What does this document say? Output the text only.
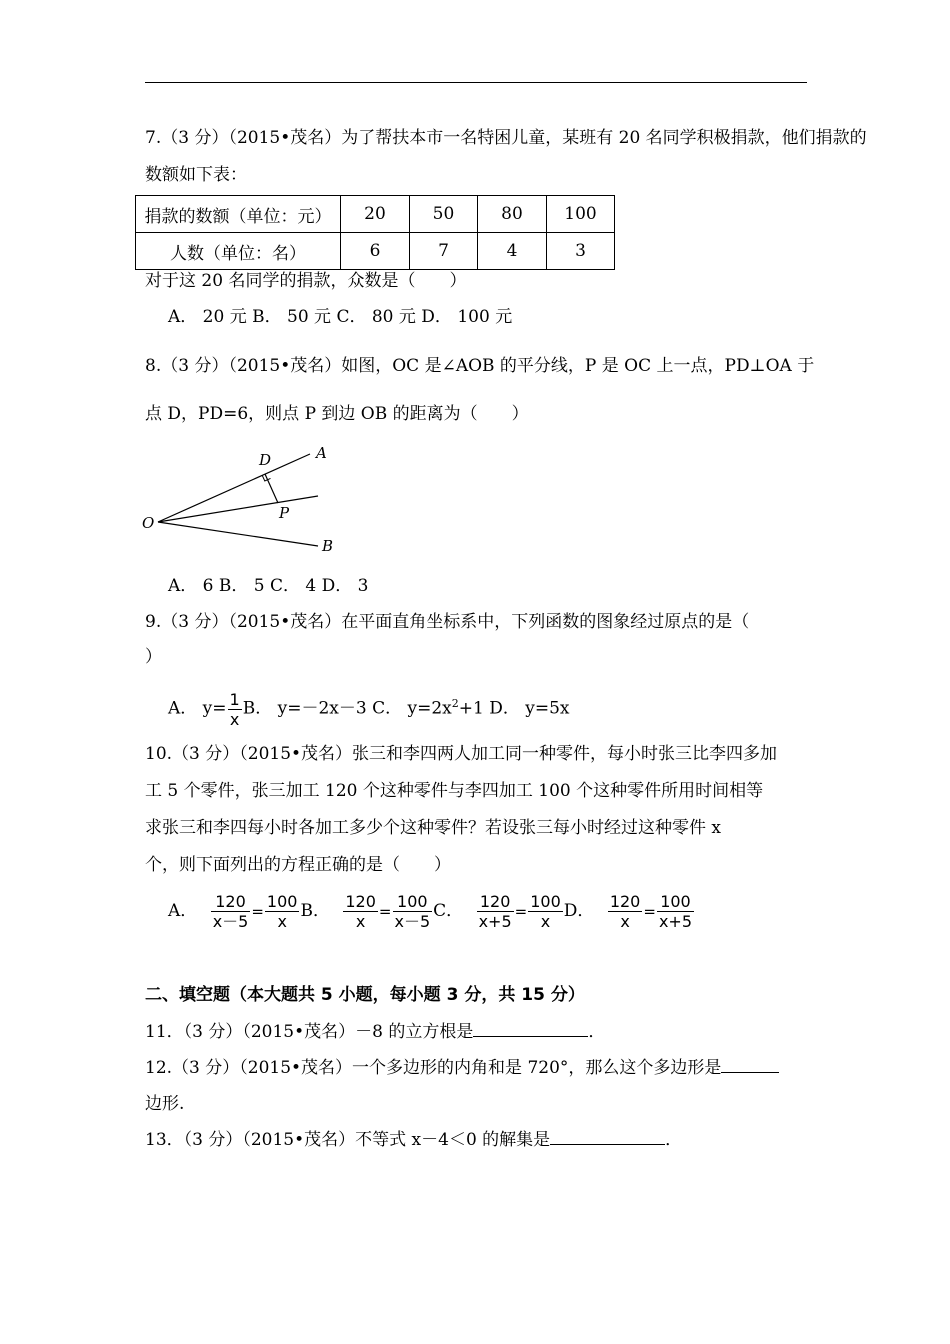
7.（3 分）（2015•茂名）为了帮扶本市一名特困儿童，某班有 20 名同学积极捐款，他们捐款的
数额如下表：
捐款的数额（单位：元）	20	50	80	100
人数（单位：名）	6	7	4	3
对于这 20 名同学的捐款，众数是（　　）
A． 20 元 B． 50 元 C． 80 元 D． 100 元
8.（3 分）（2015•茂名）如图，OC 是∠AOB 的平分线，P 是 OC 上一点，PD⊥OA 于
点 D，PD=6，则点 P 到边 OB 的距离为（　　）
A
B
D
O
P
A． 6 B． 5 C． 4 D． 3
9.（3 分）（2015•茂名）在平面直角坐标系中，下列函数的图象经过原点的是（
）
A． $y= \frac{1}{x}$ B． y=－2x－3 C． $y=2x^2+1$ D． y=5x
10.（3 分）（2015•茂名）张三和李四两人加工同一种零件，每小时张三比李四多加
工 5 个零件，张三加工 120 个这种零件与李四加工 100 个这种零件所用时间相等
求张三和李四每小时各加工多少个这种零件？若设张三每小时经过这种零件 x
个，则下面列出的方程正确的是（　　）
A． $\frac{120}{x-5} = \frac{100}{x}$ B． $\frac{120}{x} = \frac{100}{x-5}$ C． $\frac{120}{x+5} = \frac{100}{x}$ D． $\frac{120}{x} = \frac{100}{x+5}$
二、填空题（本大题共 5 小题，每小题 3 分，共 15 分）
11．（3 分）（2015•茂名）－8 的立方根是	．
12.（3 分）（2015•茂名）一个多边形的内角和是 720°，那么这个多边形是
边形.
13．（3 分）（2015•茂名）不等式 x－4＜0 的解集是	．
